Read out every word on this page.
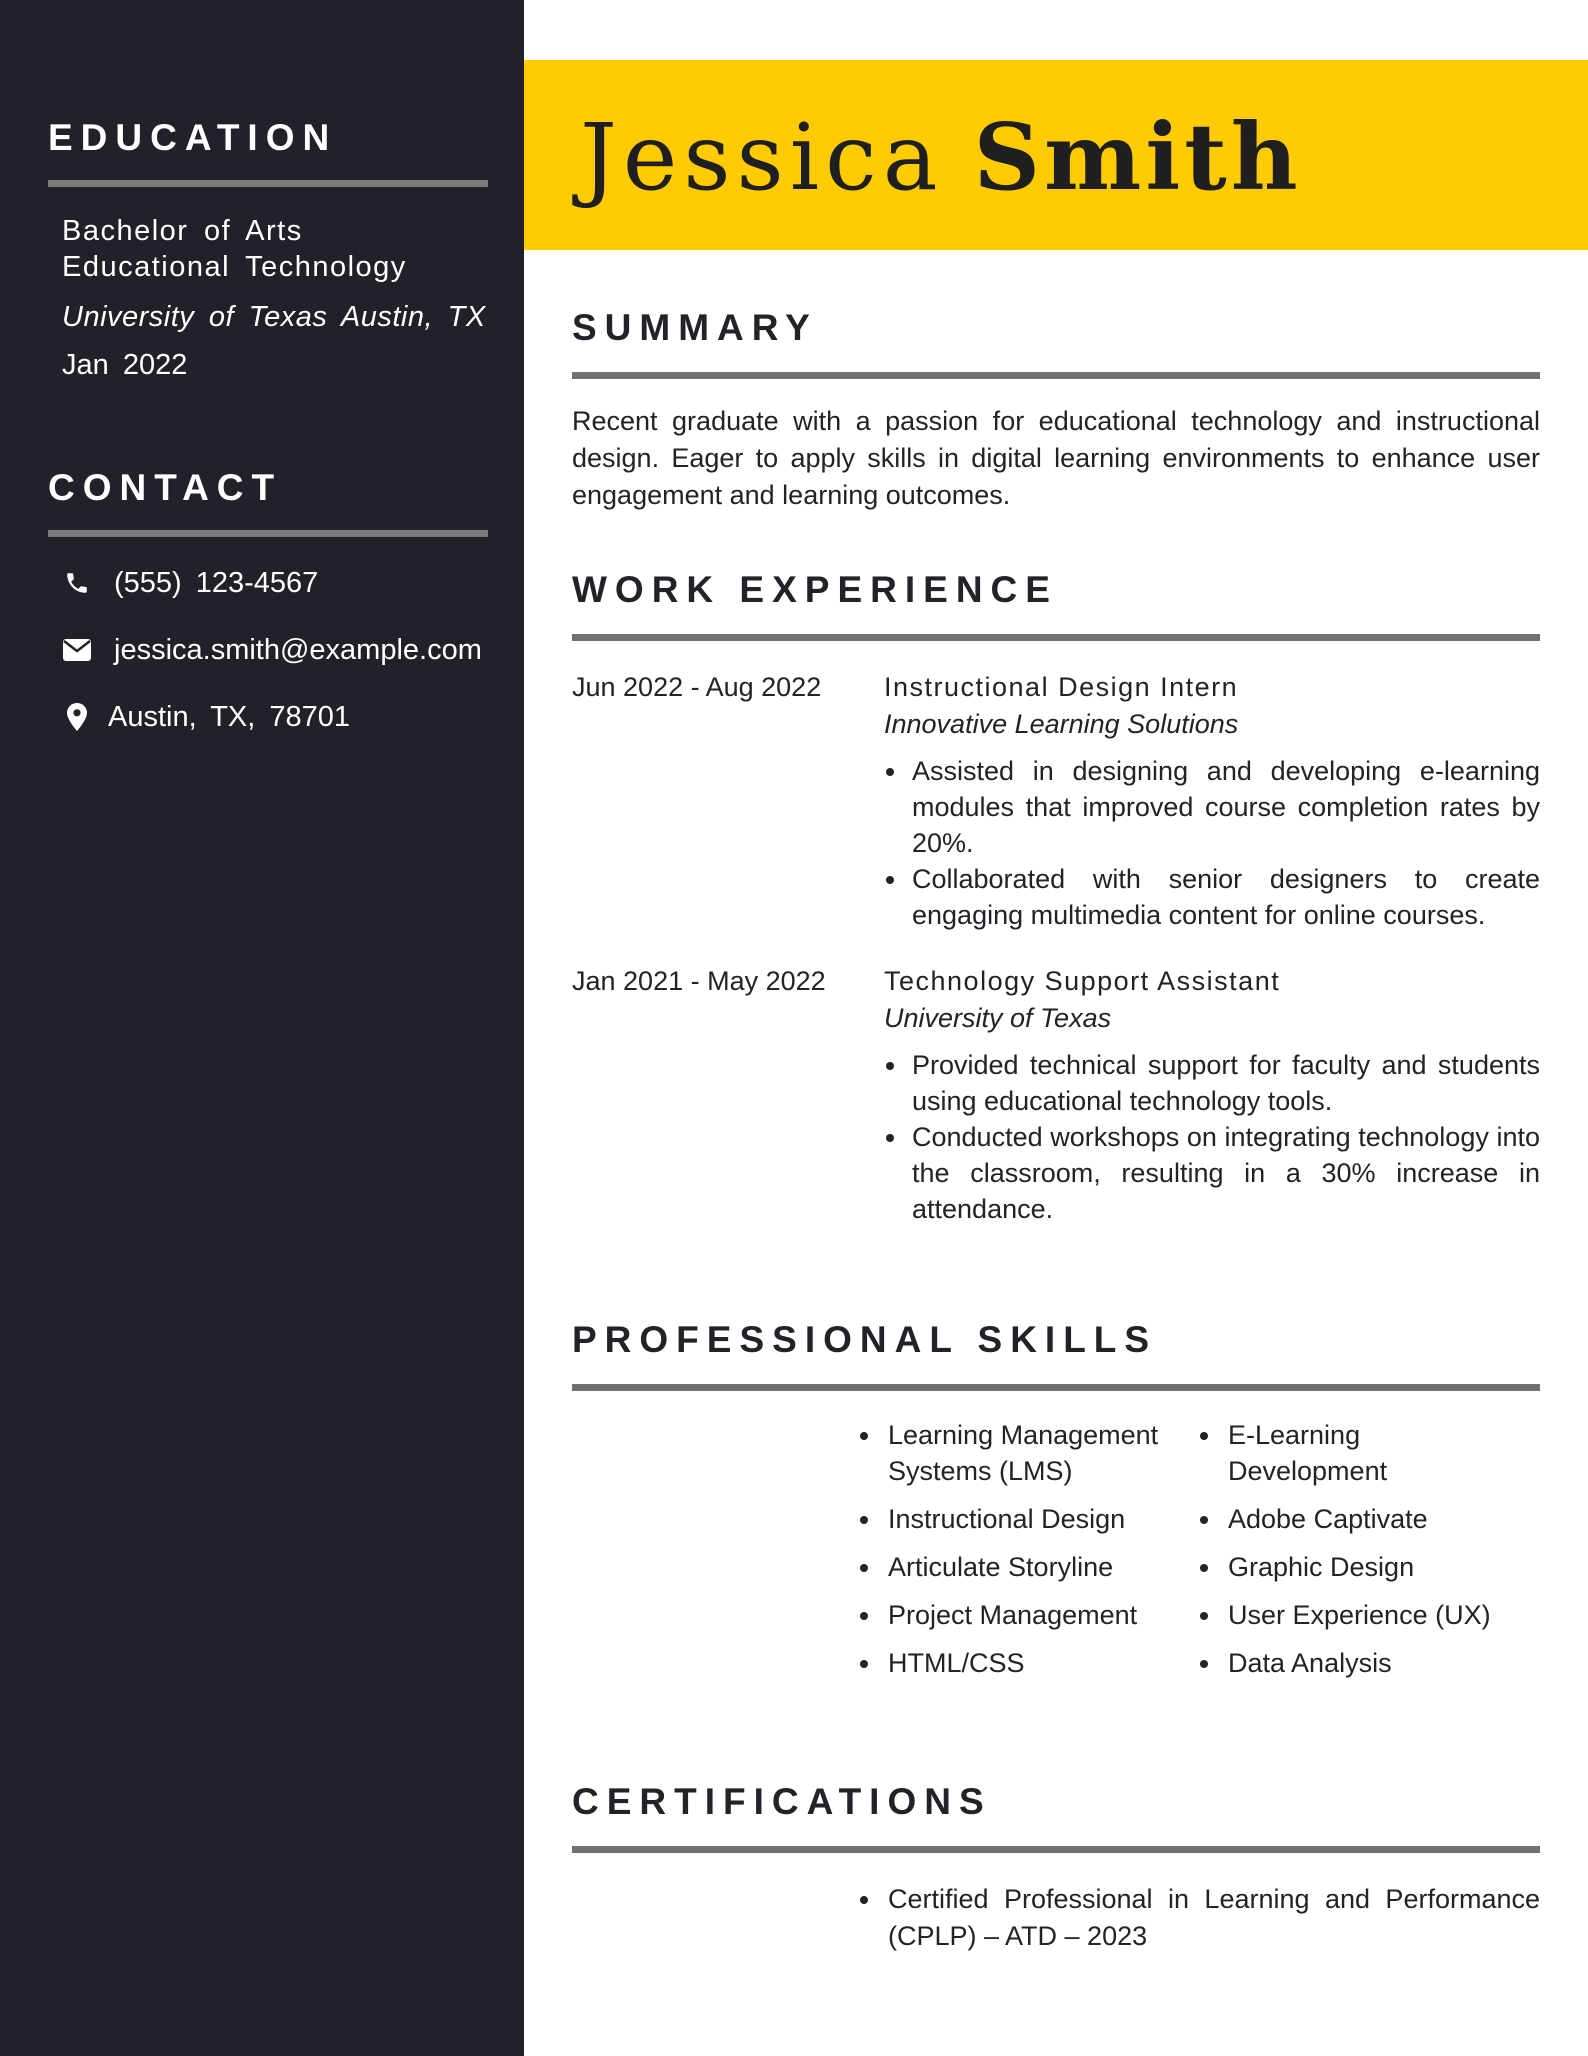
EDUCATION
Bachelor of Arts
Educational Technology
University of Texas Austin, TX
Jan 2022
CONTACT
(555) 123-4567
jessica.smith@example.com
Austin, TX, 78701
Jessica Smith
SUMMARY
Recent graduate with a passion for educational technology and instructional design. Eager to apply skills in digital learning environments to enhance user engagement and learning outcomes.
WORK EXPERIENCE
Jun 2022 - Aug 2022	Instructional Design Intern
Innovative Learning Solutions
Assisted in designing and developing e-learning modules that improved course completion rates by 20%.
Collaborated with senior designers to create engaging multimedia content for online courses.
Jan 2021 - May 2022	Technology Support Assistant
University of Texas
Provided technical support for faculty and students using educational technology tools.
Conducted workshops on integrating technology into the classroom, resulting in a 30% increase in attendance.
PROFESSIONAL SKILLS
Learning Management Systems (LMS)
Instructional Design
Articulate Storyline
Project Management
HTML/CSS
E-Learning Development
Adobe Captivate
Graphic Design
User Experience (UX)
Data Analysis
CERTIFICATIONS
Certified Professional in Learning and Performance (CPLP) – ATD – 2023
